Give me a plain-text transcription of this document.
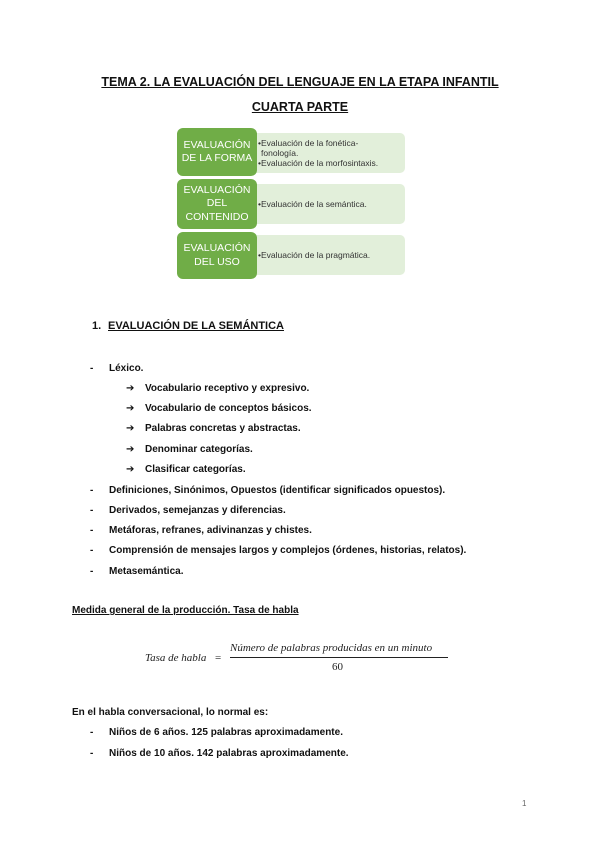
TEMA 2. LA EVALUACIÓN DEL LENGUAJE EN LA ETAPA INFANTIL
CUARTA PARTE
•Evaluación de la fonética-
fonología.
•Evaluación de la morfosintaxis.
EVALUACIÓN
DE LA FORMA
•Evaluación de la semántica.
EVALUACIÓN
DEL
CONTENIDO
•Evaluación de la pragmática.
EVALUACIÓN
DEL USO
1. EVALUACIÓN DE LA SEMÁNTICA
- Léxico.
➔ Vocabulario receptivo y expresivo.
➔ Vocabulario de conceptos básicos.
➔ Palabras concretas y abstractas.
➔ Denominar categorías.
➔ Clasificar categorías.
- Definiciones, Sinónimos, Opuestos (identificar significados opuestos).
- Derivados, semejanzas y diferencias.
- Metáforas, refranes, adivinanzas y chistes.
- Comprensión de mensajes largos y complejos (órdenes, historias, relatos).
- Metasemántica.
Medida general de la producción. Tasa de habla
Tasa de habla =
Número de palabras producidas en un minuto
60
En el habla conversacional, lo normal es:
- Niños de 6 años. 125 palabras aproximadamente.
- Niños de 10 años. 142 palabras aproximadamente.
1
